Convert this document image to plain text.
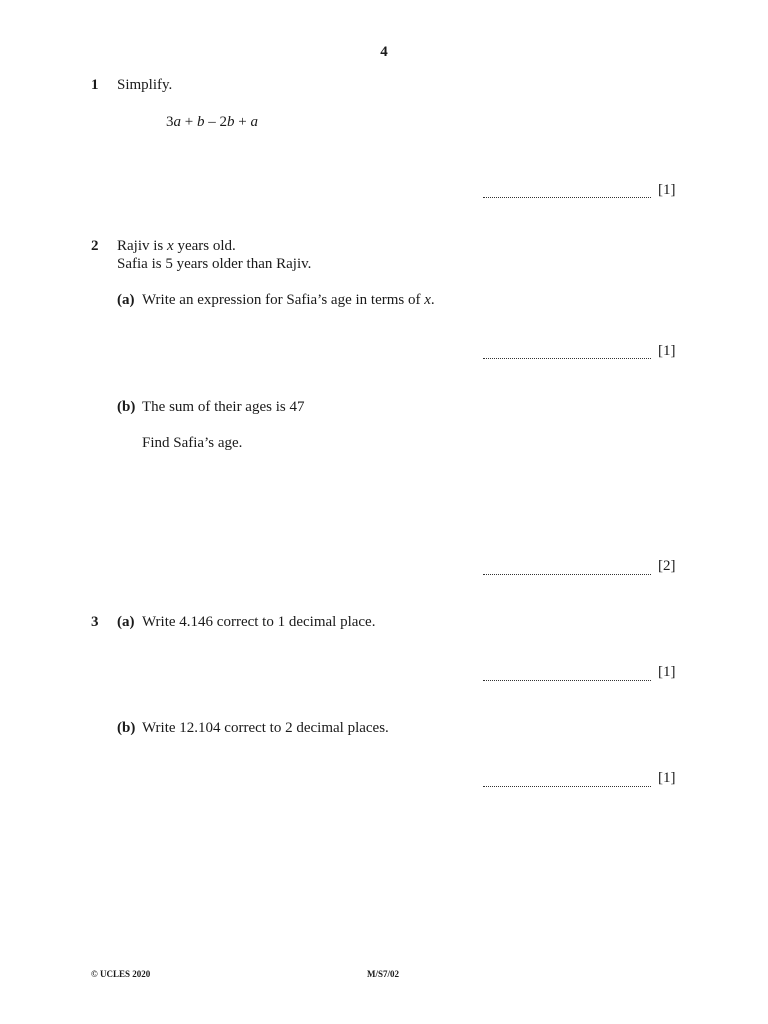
4
1 Simplify.
3a + b – 2b + a
[1]
2 Rajiv is x years old.
Safia is 5 years older than Rajiv.
(a) Write an expression for Safia’s age in terms of x.
[1]
(b) The sum of their ages is 47
Find Safia’s age.
[2]
3 (a) Write 4.146 correct to 1 decimal place.
[1]
(b) Write 12.104 correct to 2 decimal places.
[1]
© UCLES 2020	M/S7/02
